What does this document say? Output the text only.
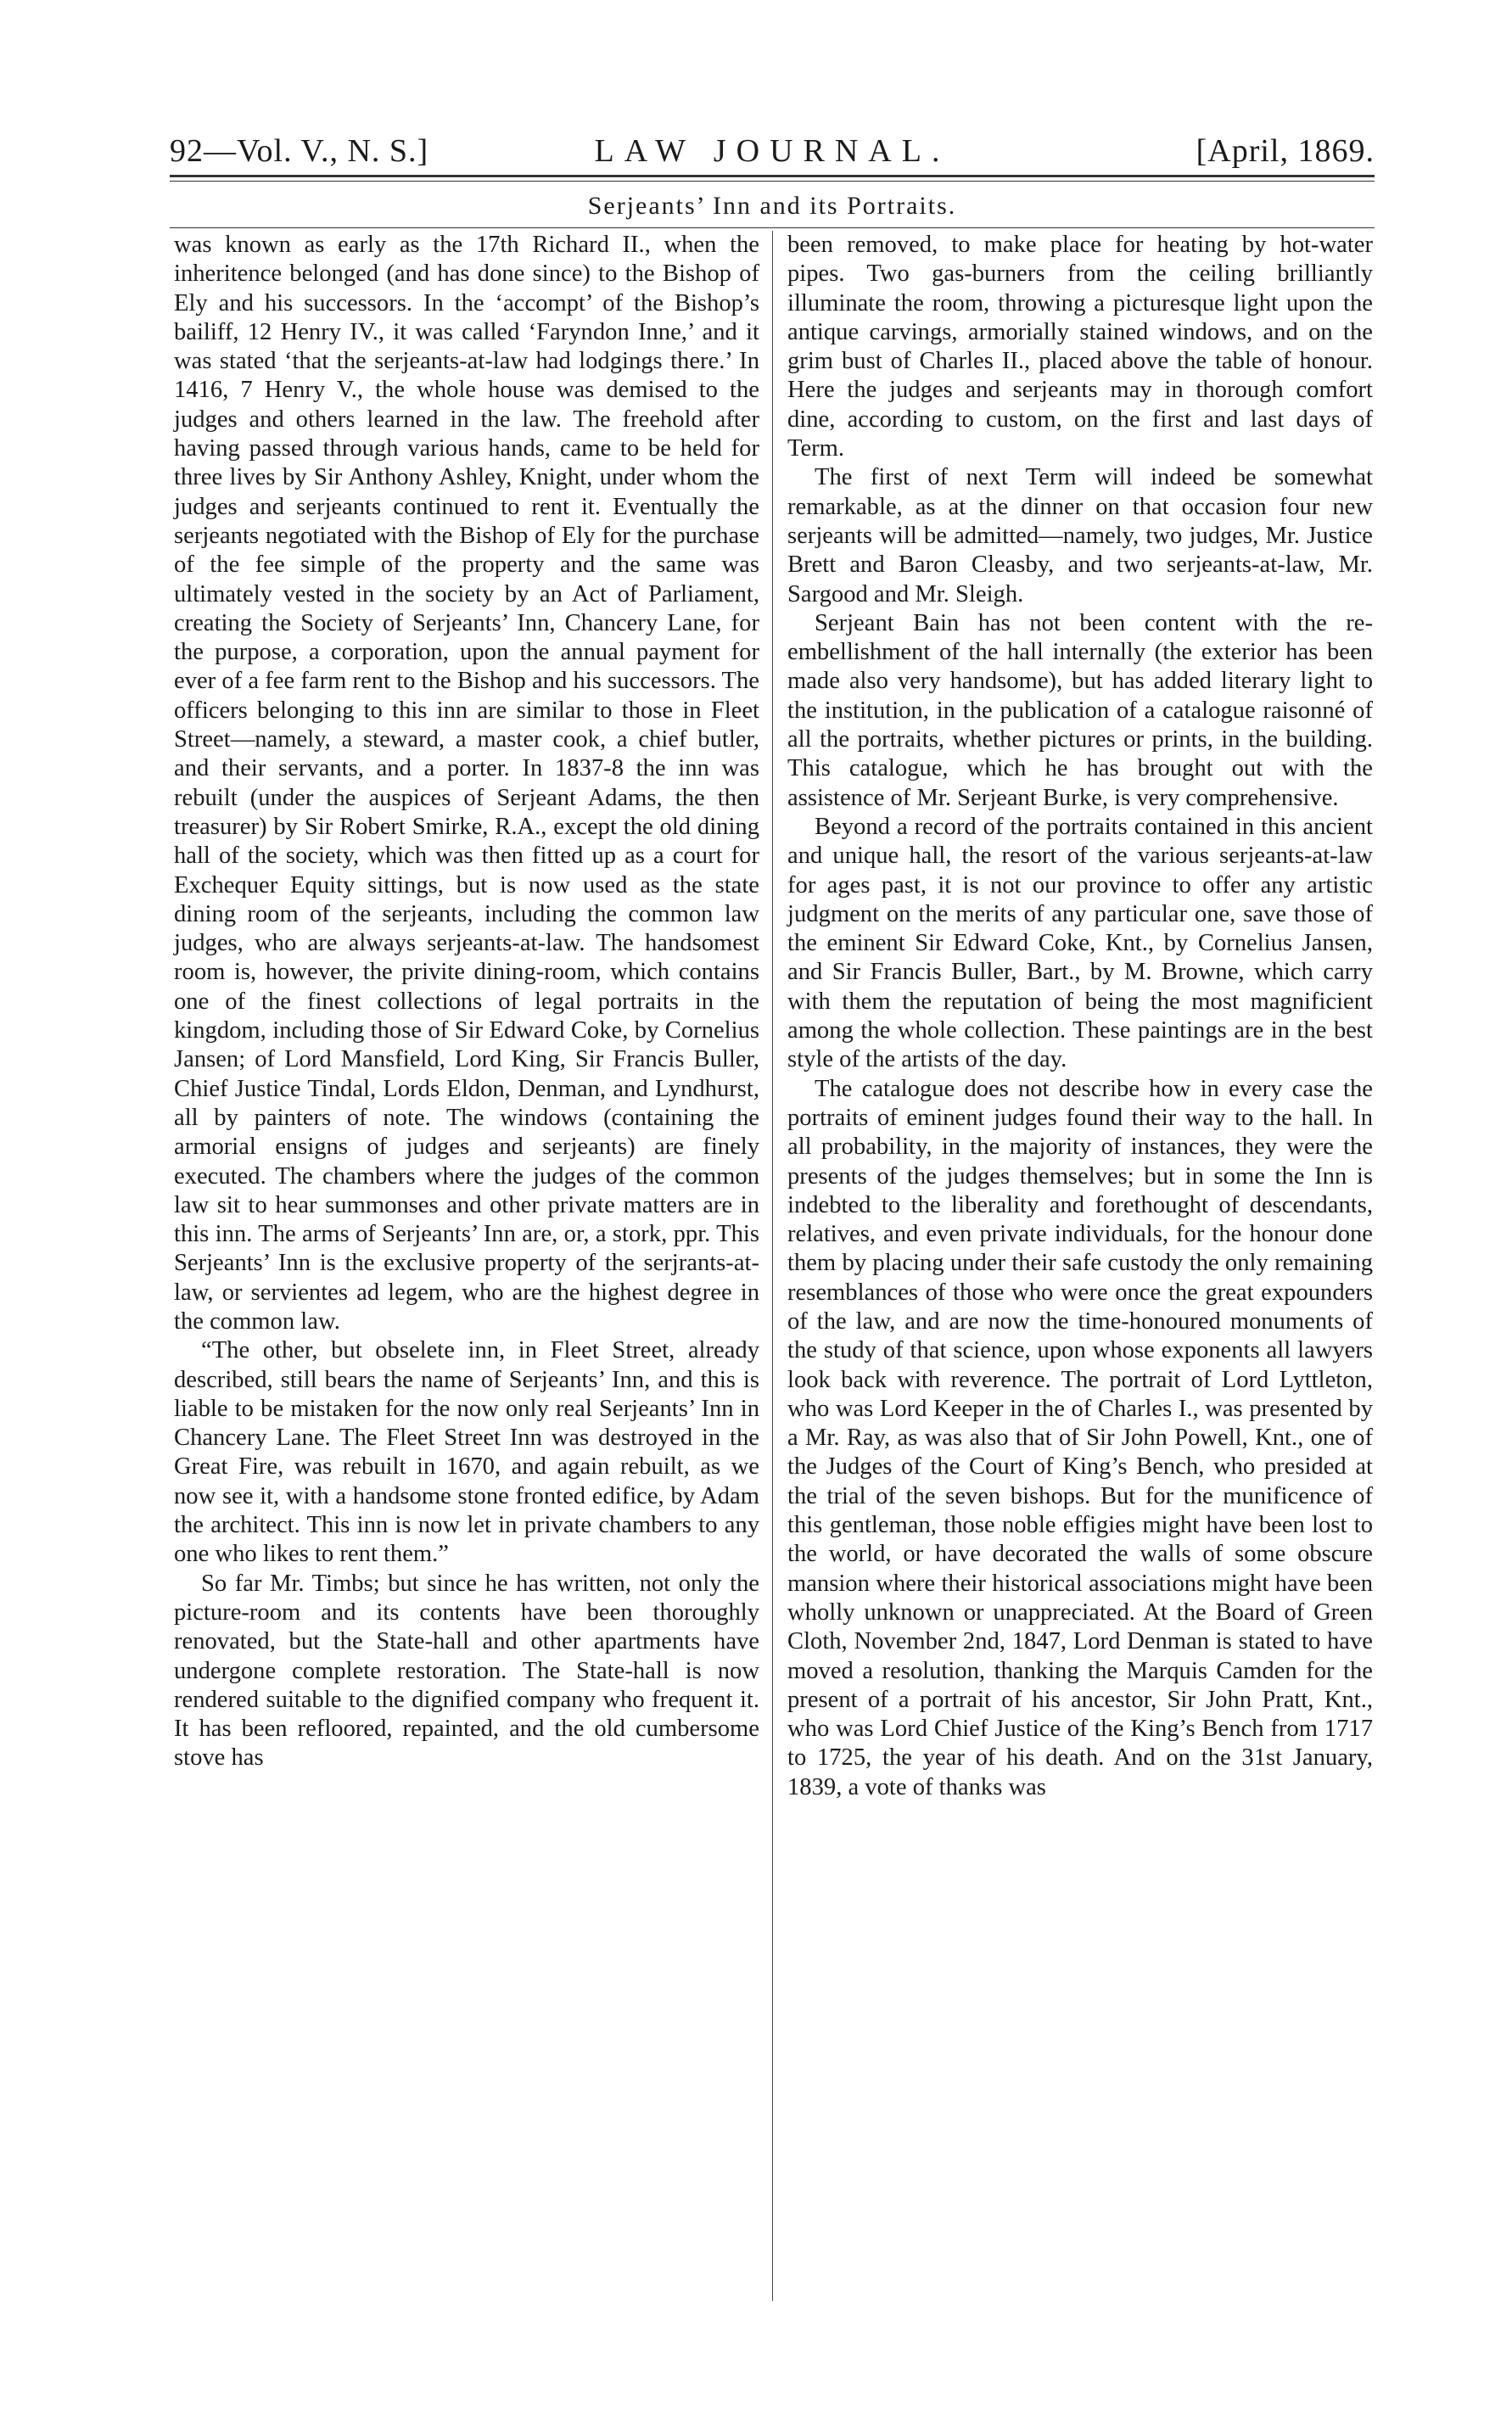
92—Vol. V., N. S.]	LAW JOURNAL.	[April, 1869.
Serjeants’ Inn and its Portraits.

was known as early as the 17th Richard II., when the inheritence belonged (and has done since) to the Bishop of Ely and his successors. In the ‘accompt’ of the Bishop’s bailiff, 12 Henry IV., it was called ‘Faryndon Inne,’ and it was stated ‘that the serjeants-at-law had lodgings there.’ In 1416, 7 Henry V., the whole house was demised to the judges and others learned in the law. The freehold after having passed through various hands, came to be held for three lives by Sir Anthony Ashley, Knight, under whom the judges and serjeants continued to rent it. Eventually the serjeants negotiated with the Bishop of Ely for the purchase of the fee simple of the property and the same was ultimately vested in the society by an Act of Parliament, creating the Society of Serjeants’ Inn, Chancery Lane, for the purpose, a corporation, upon the annual payment for ever of a fee farm rent to the Bishop and his successors. The officers belonging to this inn are similar to those in Fleet Street—namely, a steward, a master cook, a chief butler, and their servants, and a porter. In 1837-8 the inn was rebuilt (under the auspices of Serjeant Adams, the then treasurer) by Sir Robert Smirke, R.A., except the old dining hall of the society, which was then fitted up as a court for Exchequer Equity sittings, but is now used as the state dining room of the serjeants, including the common law judges, who are always serjeants-at-law. The handsomest room is, however, the privite dining-room, which contains one of the finest collections of legal portraits in the kingdom, including those of Sir Edward Coke, by Cornelius Jansen; of Lord Mansfield, Lord King, Sir Francis Buller, Chief Justice Tindal, Lords Eldon, Denman, and Lyndhurst, all by painters of note. The windows (containing the armorial ensigns of judges and serjeants) are finely executed. The chambers where the judges of the common law sit to hear summonses and other private matters are in this inn. The arms of Serjeants’ Inn are, or, a stork, ppr. This Serjeants’ Inn is the exclusive property of the serjrants-at-law, or servientes ad legem, who are the highest degree in the common law.

“The other, but obselete inn, in Fleet Street, already described, still bears the name of Serjeants’ Inn, and this is liable to be mistaken for the now only real Serjeants’ Inn in Chancery Lane. The Fleet Street Inn was destroyed in the Great Fire, was rebuilt in 1670, and again rebuilt, as we now see it, with a handsome stone fronted edifice, by Adam the architect. This inn is now let in private chambers to any one who likes to rent them.”

So far Mr. Timbs; but since he has written, not only the picture-room and its contents have been thoroughly renovated, but the State-hall and other apartments have undergone complete restoration. The State-hall is now rendered suitable to the dignified company who frequent it. It has been refloored, repainted, and the old cumbersome stove has

been removed, to make place for heating by hot-water pipes. Two gas-burners from the ceiling brilliantly illuminate the room, throwing a picturesque light upon the antique carvings, armorially stained windows, and on the grim bust of Charles II., placed above the table of honour. Here the judges and serjeants may in thorough comfort dine, according to custom, on the first and last days of Term.

The first of next Term will indeed be somewhat remarkable, as at the dinner on that occasion four new serjeants will be admitted—namely, two judges, Mr. Justice Brett and Baron Cleasby, and two serjeants-at-law, Mr. Sargood and Mr. Sleigh.

Serjeant Bain has not been content with the re-embellishment of the hall internally (the exterior has been made also very handsome), but has added literary light to the institution, in the publication of a catalogue raisonné of all the portraits, whether pictures or prints, in the building. This catalogue, which he has brought out with the assistence of Mr. Serjeant Burke, is very comprehensive.

Beyond a record of the portraits contained in this ancient and unique hall, the resort of the various serjeants-at-law for ages past, it is not our province to offer any artistic judgment on the merits of any particular one, save those of the eminent Sir Edward Coke, Knt., by Cornelius Jansen, and Sir Francis Buller, Bart., by M. Browne, which carry with them the reputation of being the most magnificient among the whole collection. These paintings are in the best style of the artists of the day.

The catalogue does not describe how in every case the portraits of eminent judges found their way to the hall. In all probability, in the majority of instances, they were the presents of the judges themselves; but in some the Inn is indebted to the liberality and forethought of descendants, relatives, and even private individuals, for the honour done them by placing under their safe custody the only remaining resemblances of those who were once the great expounders of the law, and are now the time-honoured monuments of the study of that science, upon whose exponents all lawyers look back with reverence. The portrait of Lord Lyttleton, who was Lord Keeper in the of Charles I., was presented by a Mr. Ray, as was also that of Sir John Powell, Knt., one of the Judges of the Court of King’s Bench, who presided at the trial of the seven bishops. But for the munificence of this gentleman, those noble effigies might have been lost to the world, or have decorated the walls of some obscure mansion where their historical associations might have been wholly unknown or unappreciated. At the Board of Green Cloth, November 2nd, 1847, Lord Denman is stated to have moved a resolution, thanking the Marquis Camden for the present of a portrait of his ancestor, Sir John Pratt, Knt., who was Lord Chief Justice of the King’s Bench from 1717 to 1725, the year of his death. And on the 31st January, 1839, a vote of thanks was
